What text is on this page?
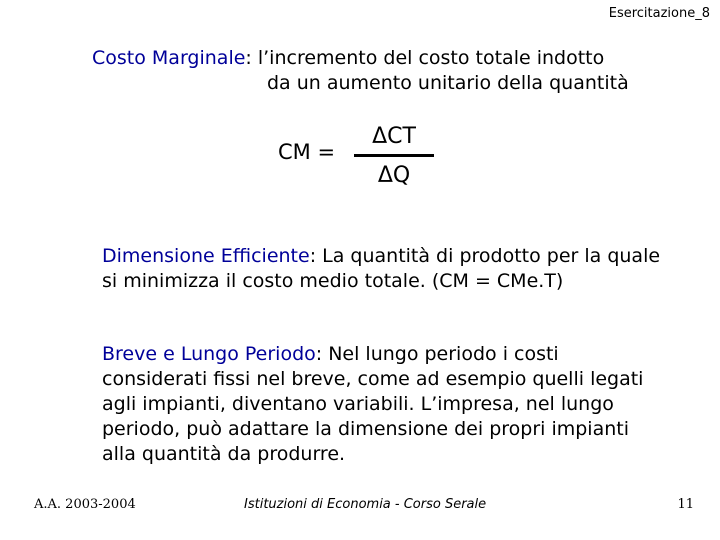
Esercitazione_8
Costo Marginale: l’incremento del costo totale indotto
da un aumento unitario della quantità
CM =
ΔCT
ΔQ
Dimensione Efficiente: La quantità di prodotto per la quale si minimizza il costo medio totale. (CM = CMe.T)
Breve e Lungo Periodo: Nel lungo periodo i costi considerati fissi nel breve, come ad esempio quelli legati agli impianti, diventano variabili. L’impresa, nel lungo periodo, può adattare la dimensione dei propri impianti alla quantità da produrre.
A.A. 2003-2004	Istituzioni di Economia - Corso Serale	11
